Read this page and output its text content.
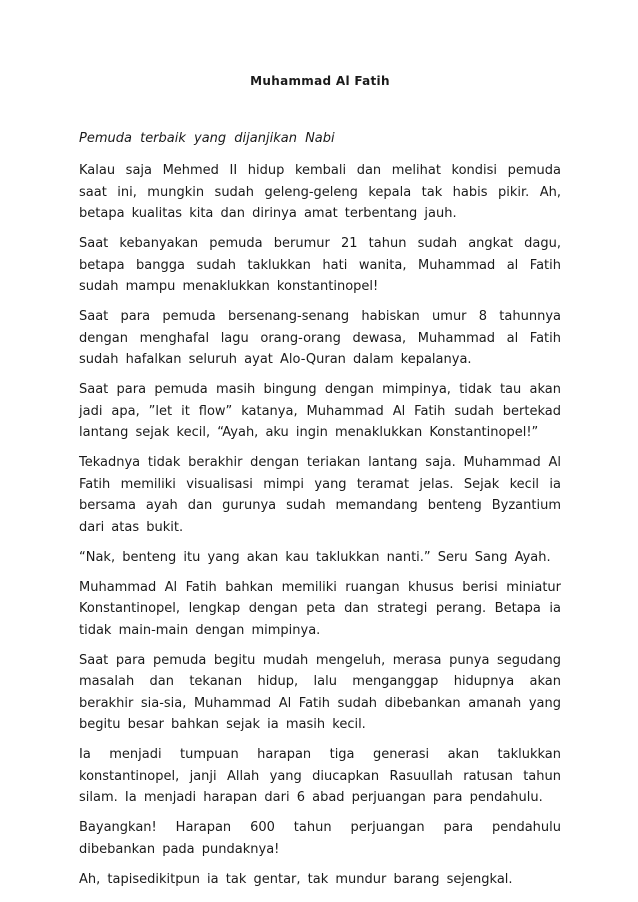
Muhammad Al Fatih

Pemuda terbaik yang dijanjikan Nabi

Kalau saja Mehmed II hidup kembali dan melihat kondisi pemuda saat ini, mungkin sudah geleng-geleng kepala tak habis pikir. Ah, betapa kualitas kita dan dirinya amat terbentang jauh.

Saat kebanyakan pemuda berumur 21 tahun sudah angkat dagu, betapa bangga sudah taklukkan hati wanita, Muhammad al Fatih sudah mampu menaklukkan konstantinopel!

Saat para pemuda bersenang-senang habiskan umur 8 tahunnya dengan menghafal lagu orang-orang dewasa, Muhammad al Fatih sudah hafalkan seluruh ayat Alo-Quran dalam kepalanya.

Saat para pemuda masih bingung dengan mimpinya, tidak tau akan jadi apa, ”let it flow” katanya, Muhammad Al Fatih sudah bertekad lantang sejak kecil, “Ayah, aku ingin menaklukkan Konstantinopel!”

Tekadnya tidak berakhir dengan teriakan lantang saja. Muhammad Al Fatih memiliki visualisasi mimpi yang teramat jelas. Sejak kecil ia bersama ayah dan gurunya sudah memandang benteng Byzantium dari atas bukit.

“Nak, benteng itu yang akan kau taklukkan nanti.” Seru Sang Ayah.

Muhammad Al Fatih bahkan memiliki ruangan khusus berisi miniatur Konstantinopel, lengkap dengan peta dan strategi perang. Betapa ia tidak main-main dengan mimpinya.

Saat para pemuda begitu mudah mengeluh, merasa punya segudang masalah dan tekanan hidup, lalu menganggap hidupnya akan berakhir sia-sia, Muhammad Al Fatih sudah dibebankan amanah yang begitu besar bahkan sejak ia masih kecil.

Ia menjadi tumpuan harapan tiga generasi akan taklukkan konstantinopel, janji Allah yang diucapkan Rasuullah ratusan tahun silam. Ia menjadi harapan dari 6 abad perjuangan para pendahulu.

Bayangkan! Harapan 600 tahun perjuangan para pendahulu dibebankan pada pundaknya!

Ah, tapisedikitpun ia tak gentar, tak mundur barang sejengkal.
